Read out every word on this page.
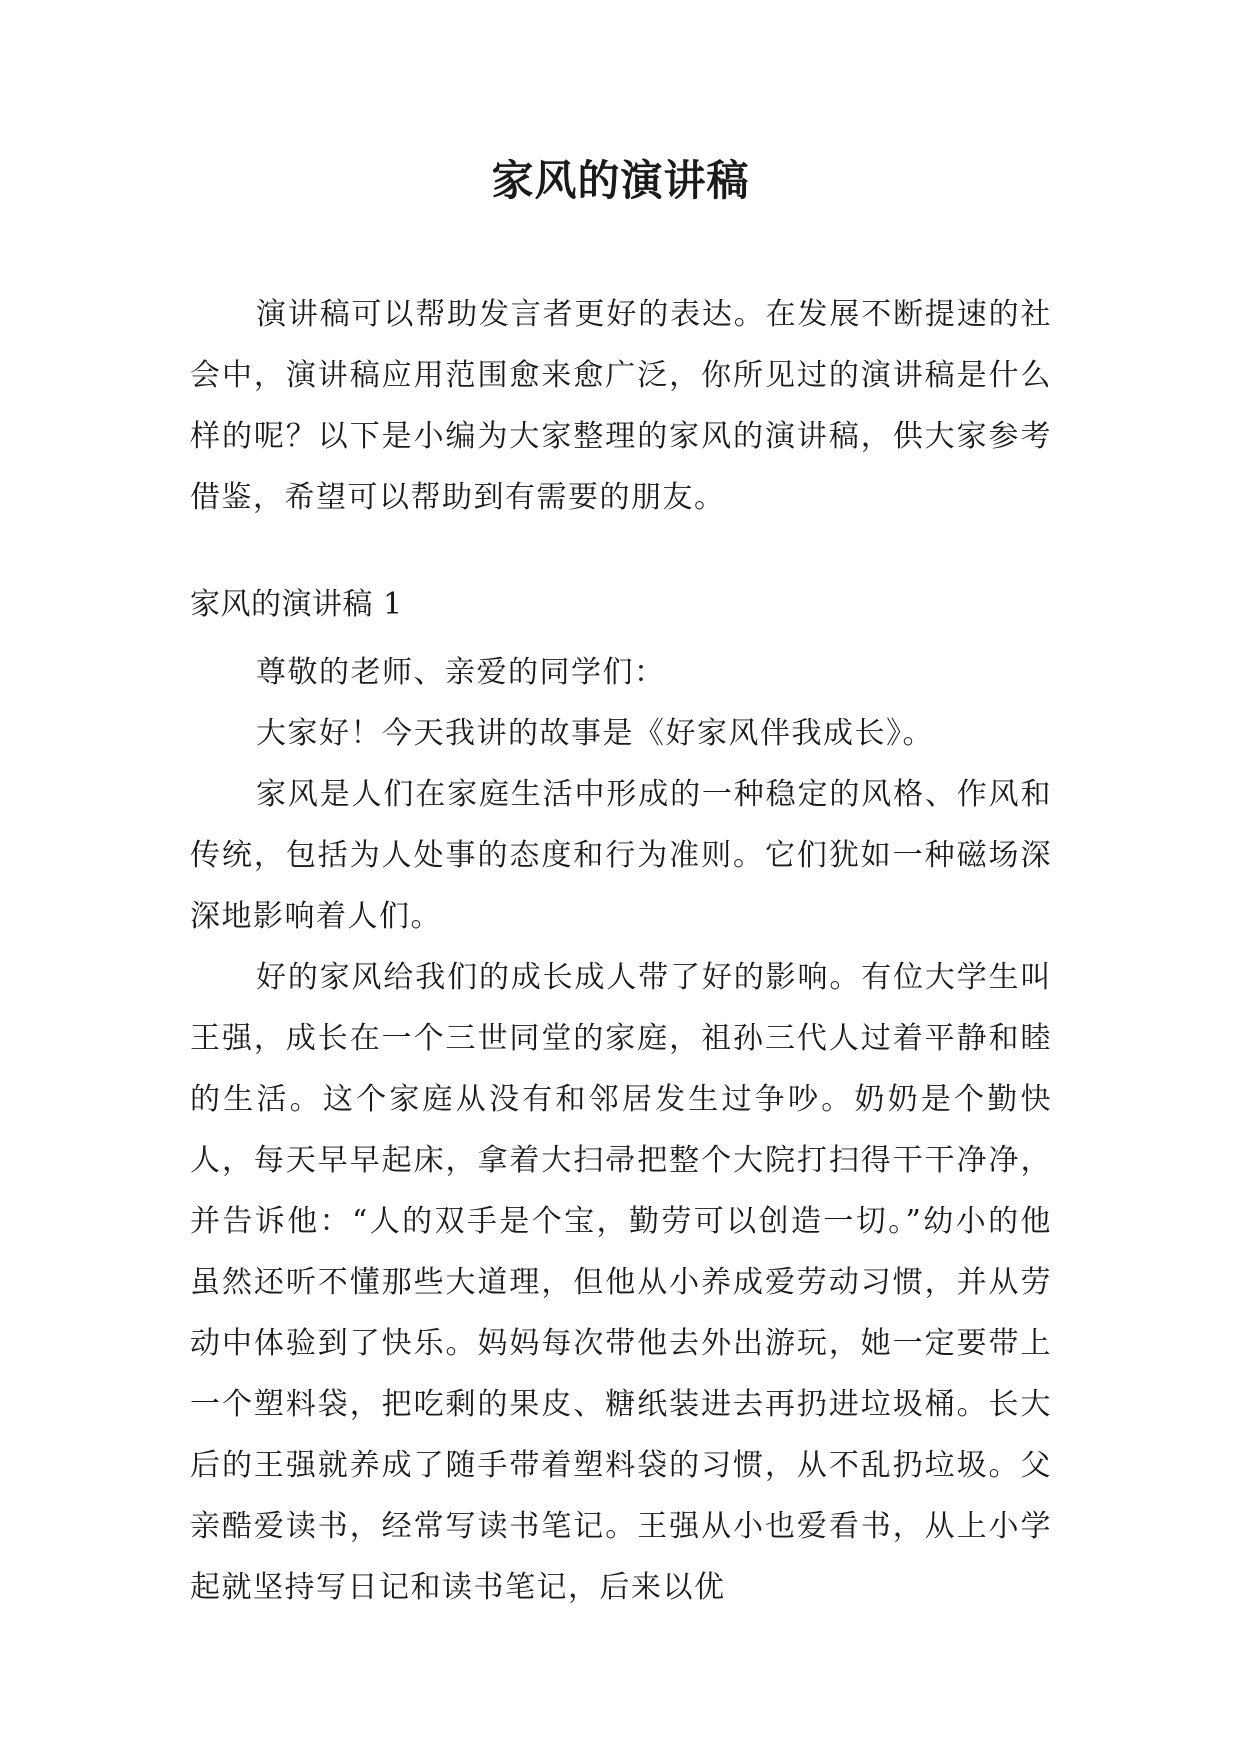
家风的演讲稿

演讲稿可以帮助发言者更好的表达。在发展不断提速的社会中，演讲稿应用范围愈来愈广泛，你所见过的演讲稿是什么样的呢？以下是小编为大家整理的家风的演讲稿，供大家参考借鉴，希望可以帮助到有需要的朋友。

家风的演讲稿 1

尊敬的老师、亲爱的同学们：

大家好！今天我讲的故事是《好家风伴我成长》。

家风是人们在家庭生活中形成的一种稳定的风格、作风和传统，包括为人处事的态度和行为准则。它们犹如一种磁场深深地影响着人们。

好的家风给我们的成长成人带了好的影响。有位大学生叫王强，成长在一个三世同堂的家庭，祖孙三代人过着平静和睦的生活。这个家庭从没有和邻居发生过争吵。奶奶是个勤快人，每天早早起床，拿着大扫帚把整个大院打扫得干干净净，并告诉他：“人的双手是个宝，勤劳可以创造一切。”幼小的他虽然还听不懂那些大道理，但他从小养成爱劳动习惯，并从劳动中体验到了快乐。妈妈每次带他去外出游玩，她一定要带上一个塑料袋，把吃剩的果皮、糖纸装进去再扔进垃圾桶。长大后的王强就养成了随手带着塑料袋的习惯，从不乱扔垃圾。父亲酷爱读书，经常写读书笔记。王强从小也爱看书，从上小学起就坚持写日记和读书笔记，后来以优
